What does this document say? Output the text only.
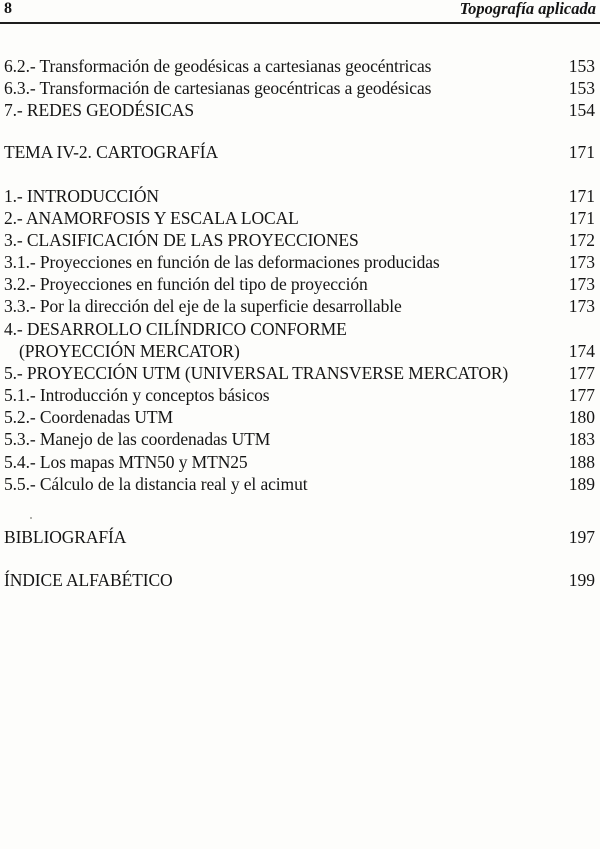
8	Topografía aplicada
6.2.- Transformación de geodésicas a cartesianas geocéntricas	153
6.3.- Transformación de cartesianas geocéntricas a geodésicas	153
7.- REDES GEODÉSICAS	154
TEMA IV-2. CARTOGRAFÍA	171
1.- INTRODUCCIÓN	171
2.- ANAMORFOSIS Y ESCALA LOCAL	171
3.- CLASIFICACIÓN DE LAS PROYECCIONES	172
3.1.- Proyecciones en función de las deformaciones producidas	173
3.2.- Proyecciones en función del tipo de proyección	173
3.3.- Por la dirección del eje de la superficie desarrollable	173
4.- DESARROLLO CILÍNDRICO CONFORME
(PROYECCIÓN MERCATOR)	174
5.- PROYECCIÓN UTM (UNIVERSAL TRANSVERSE MERCATOR)	177
5.1.- Introducción y conceptos básicos	177
5.2.- Coordenadas UTM	180
5.3.- Manejo de las coordenadas UTM	183
5.4.- Los mapas MTN50 y MTN25	188
5.5.- Cálculo de la distancia real y el acimut	189
BIBLIOGRAFÍA	197
ÍNDICE ALFABÉTICO	199
